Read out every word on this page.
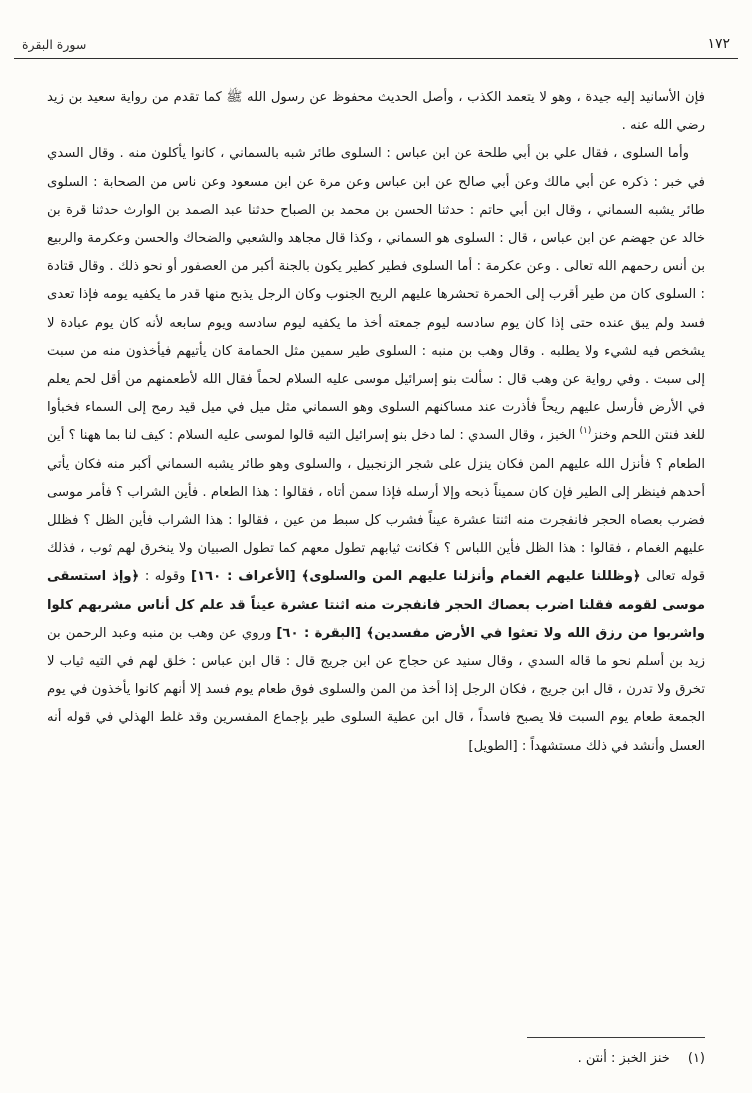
١٧٢
سورة البقرة

فإن الأسانيد إليه جيدة ، وهو لا يتعمد الكذب ، وأصل الحديث محفوظ عن رسول الله ﷺ كما تقدم من رواية سعيد بن زيد رضي الله عنه .

وأما السلوى ، فقال علي بن أبي طلحة عن ابن عباس : السلوى طائر شبه بالسماني ، كانوا يأكلون منه . وقال السدي في خبر : ذكره عن أبي مالك وعن أبي صالح عن ابن عباس وعن مرة عن ابن مسعود وعن ناس من الصحابة : السلوى طائر يشبه السماني ، وقال ابن أبي حاتم : حدثنا الحسن بن محمد بن الصباح حدثنا عبد الصمد بن الوارث حدثنا قرة بن خالد عن جهضم عن ابن عباس ، قال : السلوى هو السماني ، وكذا قال مجاهد والشعبي والضحاك والحسن وعكرمة والربيع بن أنس رحمهم الله تعالى . وعن عكرمة : أما السلوى فطير كطير يكون بالجنة أكبر من العصفور أو نحو ذلك . وقال قتادة : السلوى كان من طير أقرب إلى الحمرة تحشرها عليهم الريح الجنوب وكان الرجل يذبح منها قدر ما يكفيه يومه فإذا تعدى فسد ولم يبق عنده حتى إذا كان يوم سادسه ليوم جمعته أخذ ما يكفيه ليوم سادسه ويوم سابعه لأنه كان يوم عبادة لا يشخص فيه لشيء ولا يطلبه . وقال وهب بن منبه : السلوى طير سمين مثل الحمامة كان يأتيهم فيأخذون منه من سبت إلى سبت . وفي رواية عن وهب قال : سألت بنو إسرائيل موسى عليه السلام لحماً فقال الله لأطعمنهم من أقل لحم يعلم في الأرض فأرسل عليهم ريحاً فأذرت عند مساكنهم السلوى وهو السماني مثل ميل في ميل قيد رمح إلى السماء فخبأوا للغد فنتن اللحم وخنز$^{(١)}$ الخبز ، وقال السدي : لما دخل بنو إسرائيل التيه قالوا لموسى عليه السلام : كيف لنا بما ههنا ؟ أين الطعام ؟ فأنزل الله عليهم المن فكان ينزل على شجر الزنجبيل ، والسلوى وهو طائر يشبه السماني أكبر منه فكان يأتي أحدهم فينظر إلى الطير فإن كان سميناً ذبحه وإلا أرسله فإذا سمن أتاه ، فقالوا : هذا الطعام . فأين الشراب ؟ فأمر موسى فضرب بعصاه الحجر فانفجرت منه اثنتا عشرة عيناً فشرب كل سبط من عين ، فقالوا : هذا الشراب فأين الظل ؟ فظلل عليهم الغمام ، فقالوا : هذا الظل فأين اللباس ؟ فكانت ثيابهم تطول معهم كما تطول الصبيان ولا ينخرق لهم ثوب ، فذلك قوله تعالى ﴿وظللنا عليهم الغمام وأنزلنا عليهم المن والسلوى﴾ [الأعراف : ١٦٠] وقوله : ﴿وإذ استسقى موسى لقومه فقلنا اضرب بعصاك الحجر فانفجرت منه اثنتا عشرة عيناً قد علم كل أناس مشربهم كلوا واشربوا من رزق الله ولا تعثوا في الأرض مفسدين﴾ [البقرة : ٦٠] وروي عن وهب بن منبه وعبد الرحمن بن زيد بن أسلم نحو ما قاله السدي ، وقال سنيد عن حجاج عن ابن جريج قال : قال ابن عباس : خلق لهم في التيه ثياب لا تخرق ولا تدرن ، قال ابن جريج ، فكان الرجل إذا أخذ من المن والسلوى فوق طعام يوم فسد إلا أنهم كانوا يأخذون في يوم الجمعة طعام يوم السبت فلا يصبح فاسداً ، قال ابن عطية السلوى طير بإجماع المفسرين وقد غلط الهذلي في قوله أنه العسل وأنشد في ذلك مستشهداً : [الطويل]

(١)
خنز الخبز : أنتن .
